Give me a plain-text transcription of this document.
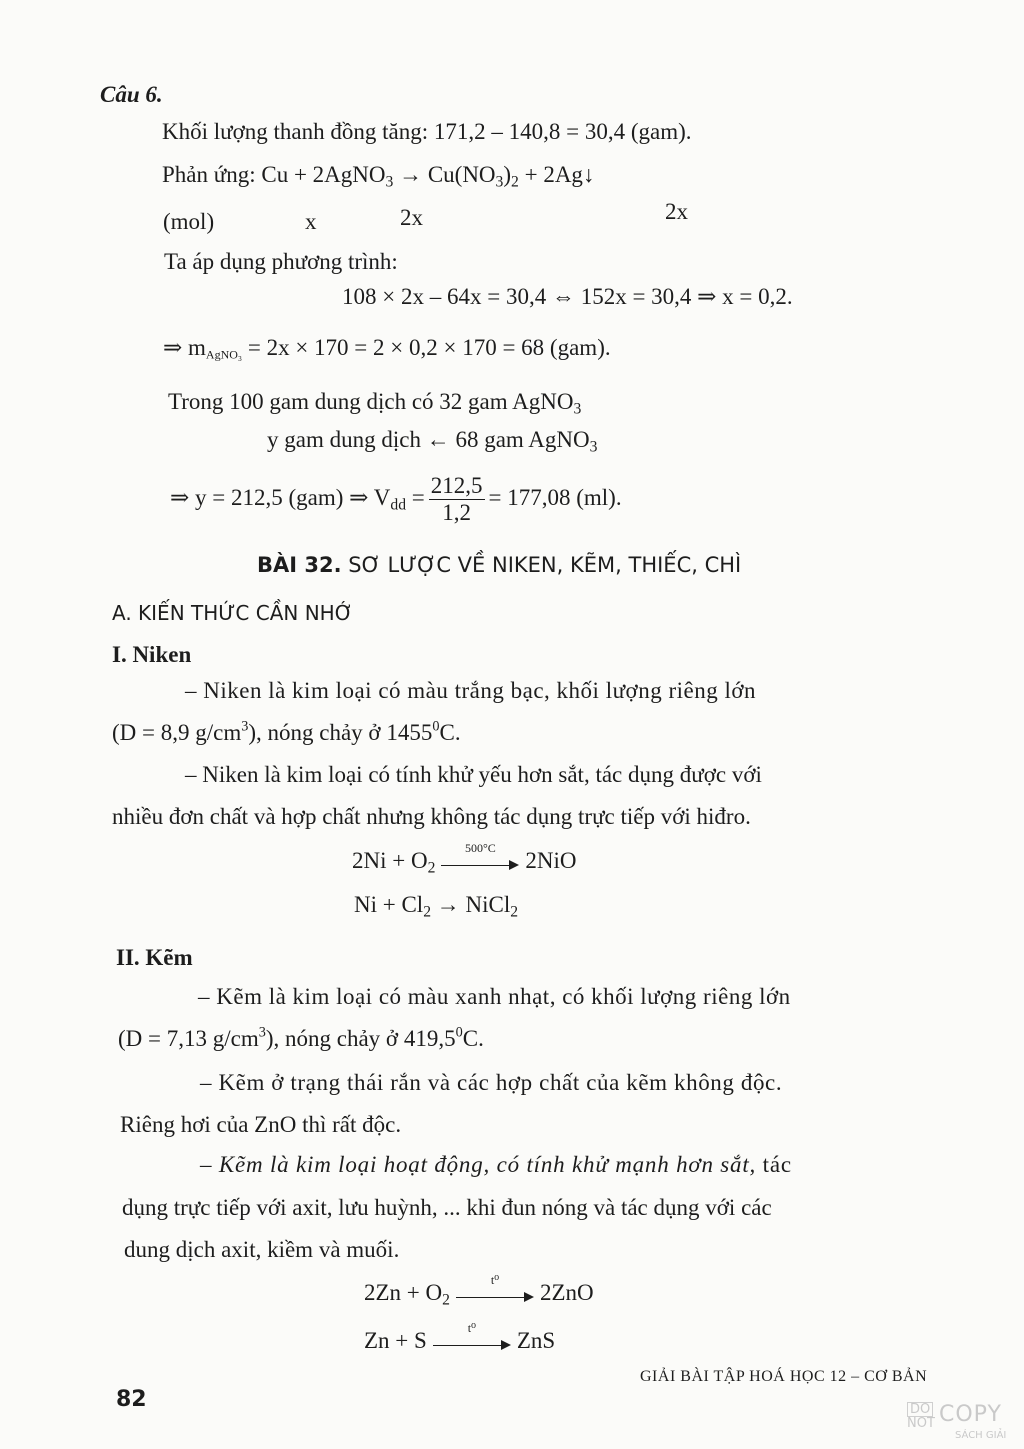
Câu 6.
Khối lượng thanh đồng tăng: 171,2 – 140,8 = 30,4 (gam).
Phản ứng: Cu + 2AgNO$_3$ → $Cu(NO_3)_2$ + 2Ag↓
(mol)	x	2x	2x
Ta áp dụng phương trình:
108 × 2x – 64x = 30,4 ⇔ 152x = 30,4 ⇒ x = 0,2.
⇒ $m_{AgNO_3} = 2x \times 170 = 2 \times 0,2 \times 170 = 68$ (gam).
Trong 100 gam dung dịch có 32 gam AgNO$_3$
y gam dung dịch ← 68 gam AgNO$_3$
⇒ y = 212,5 (gam) ⇒ $V_{dd} = \frac{212,5}{1,2} = 177,08$ (ml).
BÀI 32. SƠ LƯỢC VỀ NIKEN, KẼM, THIẾC, CHÌ
A. KIẾN THỨC CẦN NHỚ
I. Niken
– Niken là kim loại có màu trắng bạc, khối lượng riêng lớn
(D = 8,9 $g/cm^3$), nóng chảy ở 1455$^0$C.
– Niken là kim loại có tính khử yếu hơn sắt, tác dụng được với
nhiều đơn chất và hợp chất nhưng không tác dụng trực tiếp với hiđro.
$2Ni + O_2$
500°C
2NiO
$Ni + Cl_2$ → NiCl$_2$
II. Kẽm
– Kẽm là kim loại có màu xanh nhạt, có khối lượng riêng lớn
(D = 7,13 $g/cm^3$), nóng chảy ở 419,5$^0$C.
– Kẽm ở trạng thái rắn và các hợp chất của kẽm không độc.
Riêng hơi của ZnO thì rất độc.
– Kẽm là kim loại hoạt động, có tính khử mạnh hơn sắt, tác
dụng trực tiếp với axit, lưu huỳnh, ... khi đun nóng và tác dụng với các
dung dịch axit, kiềm và muối.
$2Zn + O_2$
t⁰
2ZnO
Zn + S
t⁰
ZnS
82
GIẢI BÀI TẬP HOÁ HỌC 12 – CƠ BẢN
DO
NOT COPY
SÁCH GIẢI
